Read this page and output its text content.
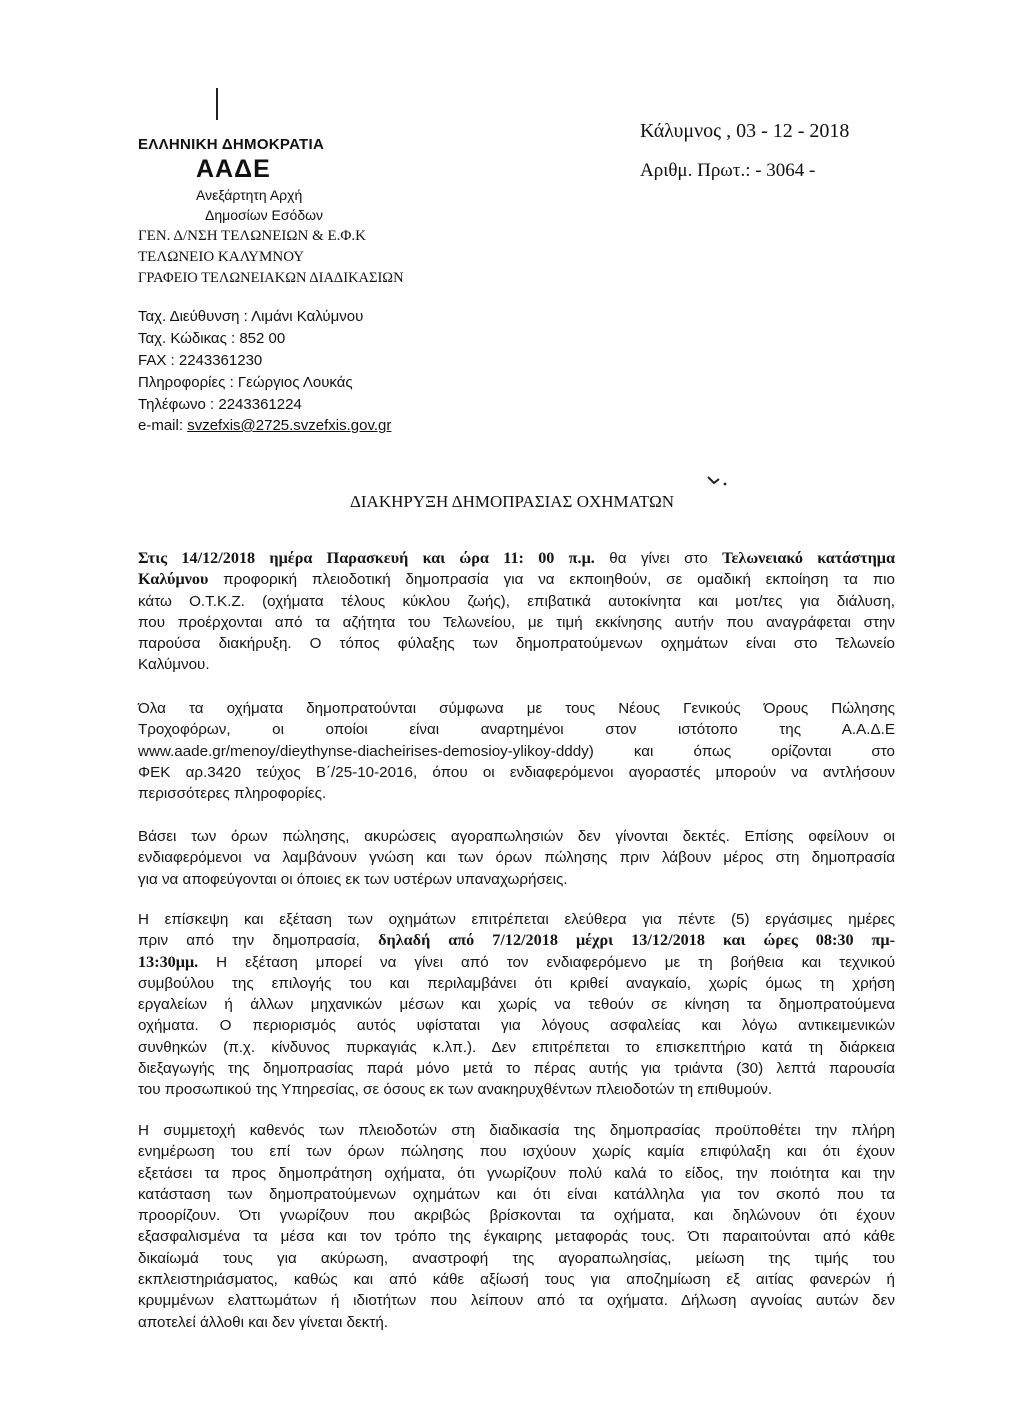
ΕΛΛΗΝΙΚΗ ΔΗΜΟΚΡΑΤΙΑ
ΑΑΔΕ
Ανεξάρτητη Αρχή
Δημοσίων Εσόδων
ΓΕΝ. Δ/ΝΣΗ ΤΕΛΩΝΕΙΩΝ & Ε.Φ.Κ
ΤΕΛΩΝΕΙΟ ΚΑΛΥΜΝΟΥ
ΓΡΑΦΕΙΟ ΤΕΛΩΝΕΙΑΚΩΝ ΔΙΑΔΙΚΑΣΙΩΝ
Κάλυμνος , 03 - 12 - 2018
Αριθμ. Πρωτ.: - 3064 -
Ταχ. Διεύθυνση : Λιμάνι Καλύμνου
Ταχ. Κώδικας : 852 00
FAX : 2243361230
Πληροφορίες : Γεώργιος Λουκάς
Τηλέφωνο : 2243361224
e-mail: svzefxis@2725.svzefxis.gov.gr
ΔΙΑΚΗΡΥΞΗ ΔΗΜΟΠΡΑΣΙΑΣ ΟΧΗΜΑΤΩΝ
Στις 14/12/2018 ημέρα Παρασκευή και ώρα 11: 00 π.μ. θα γίνει στο Τελωνειακό κατάστημα
Καλύμνου προφορική πλειοδοτική δημοπρασία για να εκποιηθούν, σε ομαδική εκποίηση τα πιο
κάτω Ο.Τ.Κ.Ζ. (οχήματα τέλους κύκλου ζωής), επιβατικά αυτοκίνητα και μοτ/τες για διάλυση,
που προέρχονται από τα αζήτητα του Τελωνείου, με τιμή εκκίνησης αυτήν που αναγράφεται στην
παρούσα διακήρυξη. Ο τόπος φύλαξης των δημοπρατούμενων οχημάτων είναι στο Τελωνείο
Καλύμνου.
Όλα τα οχήματα δημοπρατούνται σύμφωνα με τους Νέους Γενικούς Όρους Πώλησης
Τροχοφόρων, οι οποίοι είναι αναρτημένοι στον ιστότοπο της Α.Α.Δ.Ε
www.aade.gr/menoy/dieythynse-diacheirises-demosioy-ylikoy-dddy) και όπως ορίζονται στο
ΦΕΚ αρ.3420 τεύχος Β΄/25-10-2016, όπου οι ενδιαφερόμενοι αγοραστές μπορούν να αντλήσουν
περισσότερες πληροφορίες.
Βάσει των όρων πώλησης, ακυρώσεις αγοραπωλησιών δεν γίνονται δεκτές. Επίσης οφείλουν οι
ενδιαφερόμενοι να λαμβάνουν γνώση και των όρων πώλησης πριν λάβουν μέρος στη δημοπρασία
για να αποφεύγονται οι όποιες εκ των υστέρων υπαναχωρήσεις.
Η επίσκεψη και εξέταση των οχημάτων επιτρέπεται ελεύθερα για πέντε (5) εργάσιμες ημέρες
πριν από την δημοπρασία, δηλαδή από 7/12/2018 μέχρι 13/12/2018 και ώρες 08:30 πμ-
13:30μμ. Η εξέταση μπορεί να γίνει από τον ενδιαφερόμενο με τη βοήθεια και τεχνικού
συμβούλου της επιλογής του και περιλαμβάνει ότι κριθεί αναγκαίο, χωρίς όμως τη χρήση
εργαλείων ή άλλων μηχανικών μέσων και χωρίς να τεθούν σε κίνηση τα δημοπρατούμενα
οχήματα. Ο περιορισμός αυτός υφίσταται για λόγους ασφαλείας και λόγω αντικειμενικών
συνθηκών (π.χ. κίνδυνος πυρκαγιάς κ.λπ.). Δεν επιτρέπεται το επισκεπτήριο κατά τη διάρκεια
διεξαγωγής της δημοπρασίας παρά μόνο μετά το πέρας αυτής για τριάντα (30) λεπτά παρουσία
του προσωπικού της Υπηρεσίας, σε όσους εκ των ανακηρυχθέντων πλειοδοτών τη επιθυμούν.
Η συμμετοχή καθενός των πλειοδοτών στη διαδικασία της δημοπρασίας προϋποθέτει την πλήρη
ενημέρωση του επί των όρων πώλησης που ισχύουν χωρίς καμία επιφύλαξη και ότι έχουν
εξετάσει τα προς δημοπράτηση οχήματα, ότι γνωρίζουν πολύ καλά το είδος, την ποιότητα και την
κατάσταση των δημοπρατούμενων οχημάτων και ότι είναι κατάλληλα για τον σκοπό που τα
προορίζουν. Ότι γνωρίζουν που ακριβώς βρίσκονται τα οχήματα, και δηλώνουν ότι έχουν
εξασφαλισμένα τα μέσα και τον τρόπο της έγκαιρης μεταφοράς τους. Ότι παραιτούνται από κάθε
δικαίωμά τους για ακύρωση, αναστροφή της αγοραπωλησίας, μείωση της τιμής του
εκπλειστηριάσματος, καθώς και από κάθε αξίωσή τους για αποζημίωση εξ αιτίας φανερών ή
κρυμμένων ελαττωμάτων ή ιδιοτήτων που λείπουν από τα οχήματα. Δήλωση αγνοίας αυτών δεν
αποτελεί άλλοθι και δεν γίνεται δεκτή.
